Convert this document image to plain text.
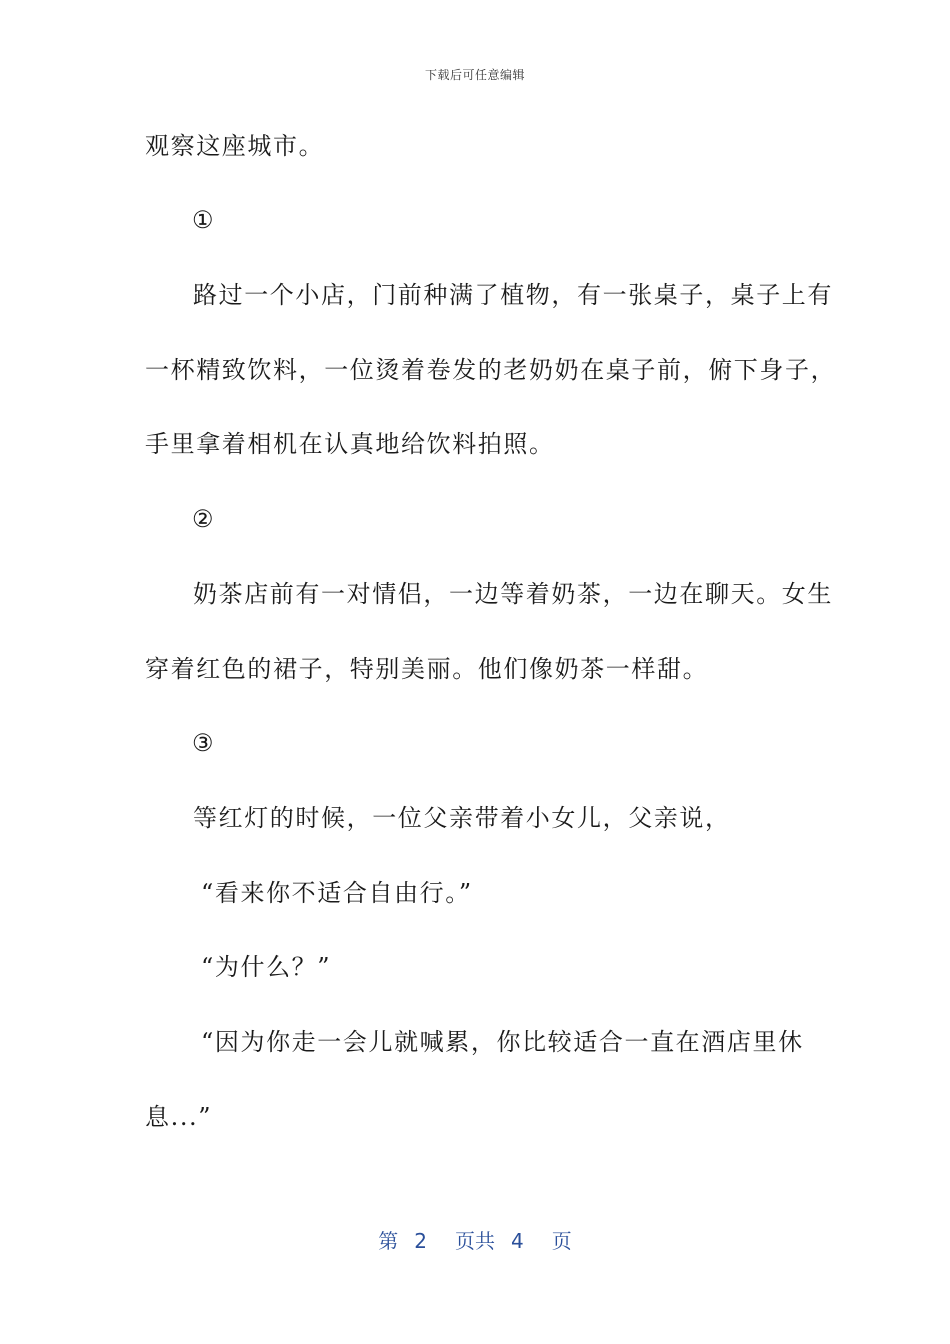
下载后可任意编辑
观察这座城市。
①
路过一个小店，门前种满了植物，有一张桌子，桌子上有
一杯精致饮料，一位烫着卷发的老奶奶在桌子前，俯下身子，
手里拿着相机在认真地给饮料拍照。
②
奶茶店前有一对情侣，一边等着奶茶，一边在聊天。女生
穿着红色的裙子，特别美丽。他们像奶茶一样甜。
③
等红灯的时候，一位父亲带着小女儿，父亲说，
“看来你不适合自由行。”
“为什么？”
“因为你走一会儿就喊累，你比较适合一直在酒店里休
息...”
第 2 页共 4 页
